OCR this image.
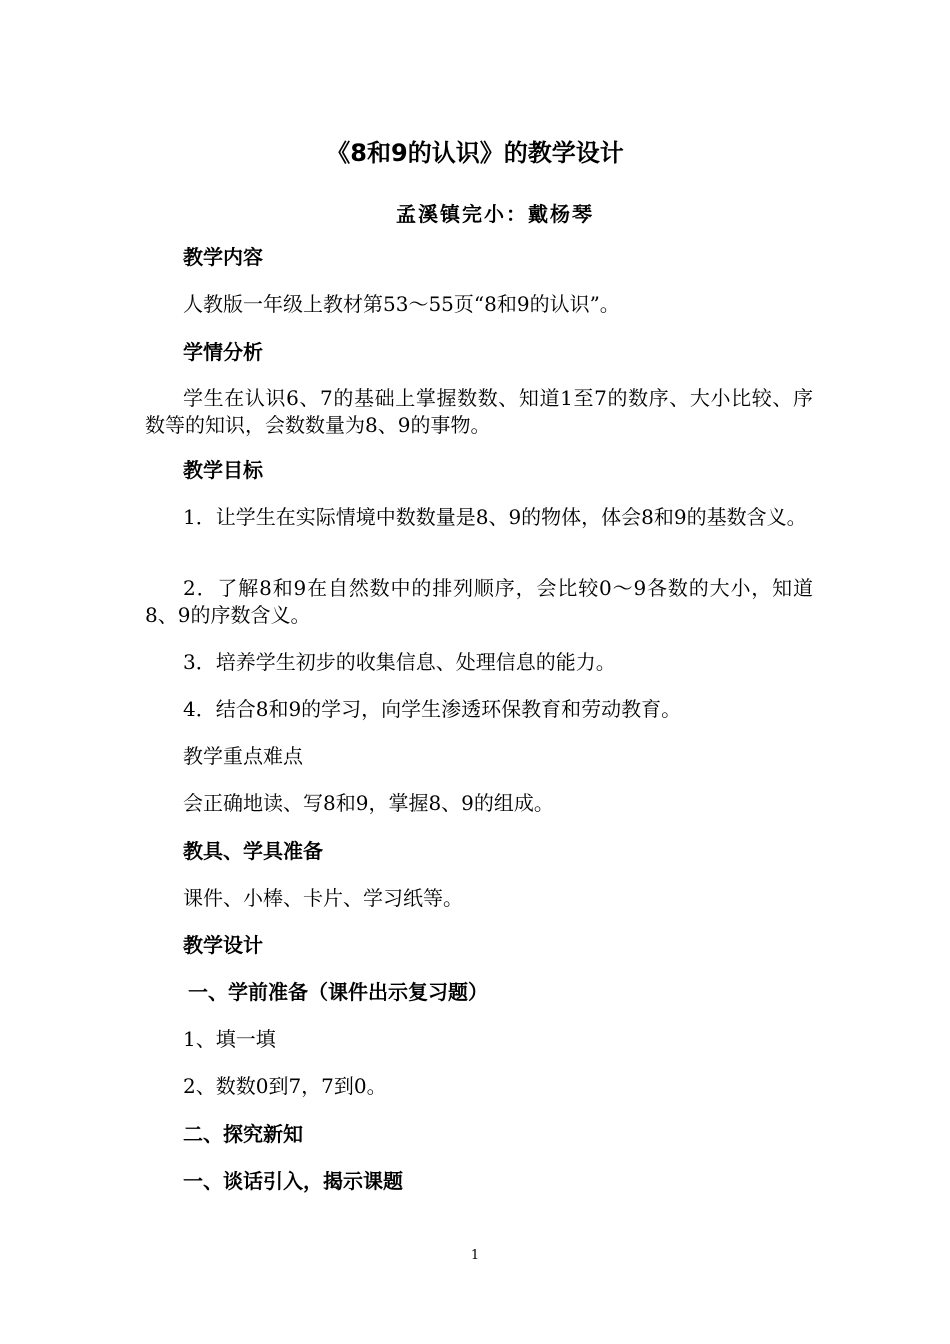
《8和9的认识》的教学设计
孟溪镇完小：戴杨琴
教学内容
人教版一年级上教材第53～55页“8和9的认识”。
学情分析
学生在认识6、7的基础上掌握数数、知道1至7的数序、大小比较、序数等的知识，会数数量为8、9的事物。
教学目标
1．让学生在实际情境中数数量是8、9的物体，体会8和9的基数含义。
2．了解8和9在自然数中的排列顺序，会比较0～9各数的大小，知道8、9的序数含义。
3．培养学生初步的收集信息、处理信息的能力。
4．结合8和9的学习，向学生渗透环保教育和劳动教育。
教学重点难点
会正确地读、写8和9，掌握8、9的组成。
教具、学具准备
课件、小棒、卡片、学习纸等。
教学设计
一、学前准备（课件出示复习题）
1、填一填
2、数数0到7，7到0。
二、探究新知
一、谈话引入，揭示课题
1
